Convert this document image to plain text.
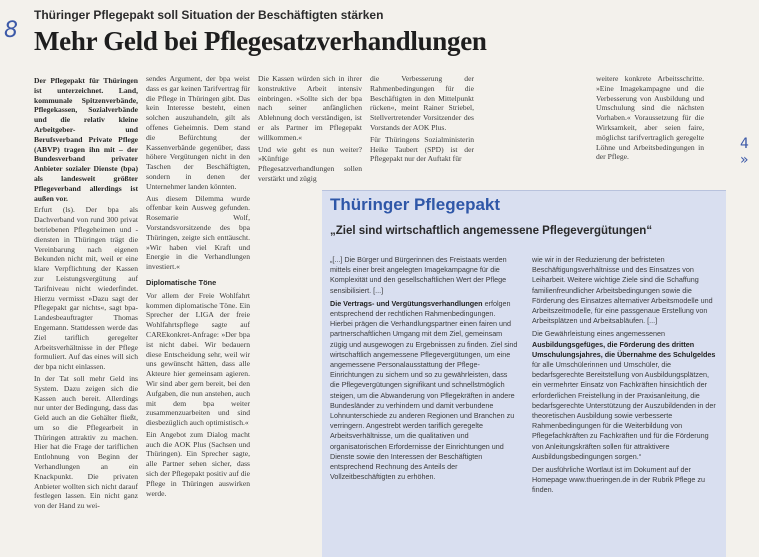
8
Thüringer Pflegepakt soll Situation der Beschäftigten stärken
Mehr Geld bei Pflegesatzverhandlungen

Der Pflegepakt für Thüringen ist unterzeichnet. Land, kommunale Spitzenverbände, Pflegekassen, Sozialverbände und die relativ kleine Arbeitgeber- und Berufsverband Private Pflege (ABVP) tragen ihn mit – der Bundesverband privater Anbieter sozialer Dienste (bpa) als landesweit größter Pflegeverband allerdings ist außen vor.

Erfurt (ls). Der bpa als Dachverband von rund 300 privat betriebenen Pflegeheimen und -diensten in Thüringen trägt die Vereinbarung nach eigenen Bekunden nicht mit, weil er eine klare Verpflichtung der Kassen zur Leistungsvergütung auf Tarifniveau nicht wiederfindet. Hierzu vermisst »Dazu sagt der Pflegepakt gar nichts«, sagt bpa-Landesbeauftragter Thomas Engemann. Stattdessen werde das Ziel tariflich geregelter Arbeitsverhältnisse in der Pflege formuliert. Auf das eines will sich der bpa nicht einlassen.

In der Tat soll mehr Geld ins System. Dazu zeigen sich die Kassen auch bereit. Allerdings nur unter der Bedingung, dass das Geld auch an die Gehälter fließt, um so die Pflegearbeit in Thüringen attraktiv zu machen. Hier hat die Frage der tariflichen Entlohnung von Beginn der Verhandlungen an ein Knackpunkt. Die privaten Anbieter wollten sich nicht darauf festlegen lassen. Ein nicht ganz von der Hand zu wei-

sendes Argument, der bpa weist dass es gar keinen Tarifvertrag für die Pflege in Thüringen gibt. Das kein Interesse besteht, einen solchen auszuhandeln, gilt als offenes Geheimnis. Dem stand die Befürchtung der Kassenverbände gegenüber, dass höhere Vergütungen nicht in den Taschen der Beschäftigten, sondern in denen der Unternehmer landen könnten.

Aus diesem Dilemma wurde offenbar kein Ausweg gefunden. Rosemarie Wolf, Vorstandsvorsitzende des bpa Thüringen, zeigte sich enttäuscht. »Wir haben viel Kraft und Energie in die Verhandlungen investiert.«

Diplomatische Töne

Vor allem der Freie Wohlfahrt kommen diplomatische Töne. Ein Sprecher der LIGA der freie Wohlfahrtspflege sagte auf CAREkonkret-Anfrage: »Der bpa ist nicht dabei. Wir bedauern diese Entscheidung sehr, weil wir uns gewünscht hätten, dass alle Akteure hier gemeinsam agieren. Wir sind aber gern bereit, bei den Aufgaben, die nun anstehen, auch mit dem bpa weiter zusammenzuarbeiten und sind diesbezüglich auch optimistisch.«

Ein Angebot zum Dialog macht auch die AOK Plus (Sachsen und Thüringen). Ein Sprecher sagte, alle Partner sehen sicher, dass sich der Pflegepakt positiv auf die Pflege in Thüringen auswirken werde.

Die Kassen würden sich in ihrer konstruktive Arbeit intensiv einbringen. »Sollte sich der bpa nach seiner anfänglichen Ablehnung doch verständigen, ist er als Partner im Pflegepakt willkommen.«

Und wie geht es nun weiter? »Künftige Pflegesatzverhandlungen sollen verstärkt und zügig

die Verbesserung der Rahmenbedingungen für die Beschäftigten in den Mittelpunkt rücken«, meint Rainer Striebel, Stellvertretender Vorsitzender des Vorstands der AOK Plus.

Für Thüringens Sozialministerin Heike Taubert (SPD) ist der Pflegepakt nur der Auftakt für

weitere konkrete Arbeitsschritte. »Eine Imagekampagne und die Verbesserung von Ausbildung und Umschulung sind die nächsten Vorhaben.« Voraussetzung für die Wirksamkeit, aber seien faire, möglichst tarifvertraglich geregelte Löhne und Arbeitsbedingungen in der Pflege.

4 »
Thüringer Pflegepakt
„Ziel sind wirtschaftlich angemessene Pflegevergütungen“

„[...] Die Bürger und Bürgerinnen des Freistaats werden mittels einer breit angelegten Imagekampagne für die Komplexität und den gesellschaftlichen Wert der Pflege sensibilisiert. [...]

Die Vertrags- und Vergütungsverhandlungen erfolgen entsprechend der rechtlichen Rahmenbedingungen. Hierbei prägen die Verhandlungspartner einen fairen und partnerschaftlichen Umgang mit dem Ziel, gemeinsam zügig und ausgewogen zu Ergebnissen zu finden. Ziel sind wirtschaftlich angemessene Pflegevergütungen, um eine angemessene Personalausstattung der Pflege-Einrichtungen zu sichern und so zu gewährleisten, dass die Pflegevergütungen signifikant und schnellstmöglich steigen, um die Abwanderung von Pflegekräften in andere Bundesländer zu verhindern und damit verbundene Lohnunterschiede zu anderen Regionen und Branchen zu verringern. Angestrebt werden tariflich geregelte Arbeitsverhältnisse, um die qualitativen und organisatorischen Erfordernisse der Einrichtungen und Dienste sowie den Interessen der Beschäftigten entsprechend Rechnung des Anteils der Vollzeitbeschäftigten zu erhöhen.

wie wir in der Reduzierung der befristeten Beschäftigungsverhältnisse und des Einsatzes von Leiharbeit. Weitere wichtige Ziele sind die Schaffung familienfreundlicher Arbeitsbedingungen sowie die Förderung des Einsatzes alternativer Arbeitsmodelle und Arbeitszeitmodelle, für eine passgenaue Erstellung von Arbeitsplätzen und Arbeitsabläufen. [...]

Die Gewährleistung eines angemessenen Ausbildungsgefüges, die Förderung des dritten Umschulungsjahres, die Übernahme des Schulgeldes für alle Umschülerinnen und Umschüler, die bedarfsgerechte Bereitstellung von Ausbildungsplätzen, ein vermehrter Einsatz von Fachkräften hinsichtlich der erforderlichen Freistellung in der Praxisanleitung, die bedarfsgerechte Unterstützung der Auszubildenden in der theoretischen Ausbildung sowie verbesserte Rahmenbedingungen für die Weiterbildung von Pflegefachkräften zu Fachkräften und für die Förderung von Anleitungskräften sollen für attraktivere Ausbildungsbedingungen sorgen.“

Der ausführliche Wortlaut ist im Dokument auf der Homepage www.thueringen.de in der Rubrik Pflege zu finden.
